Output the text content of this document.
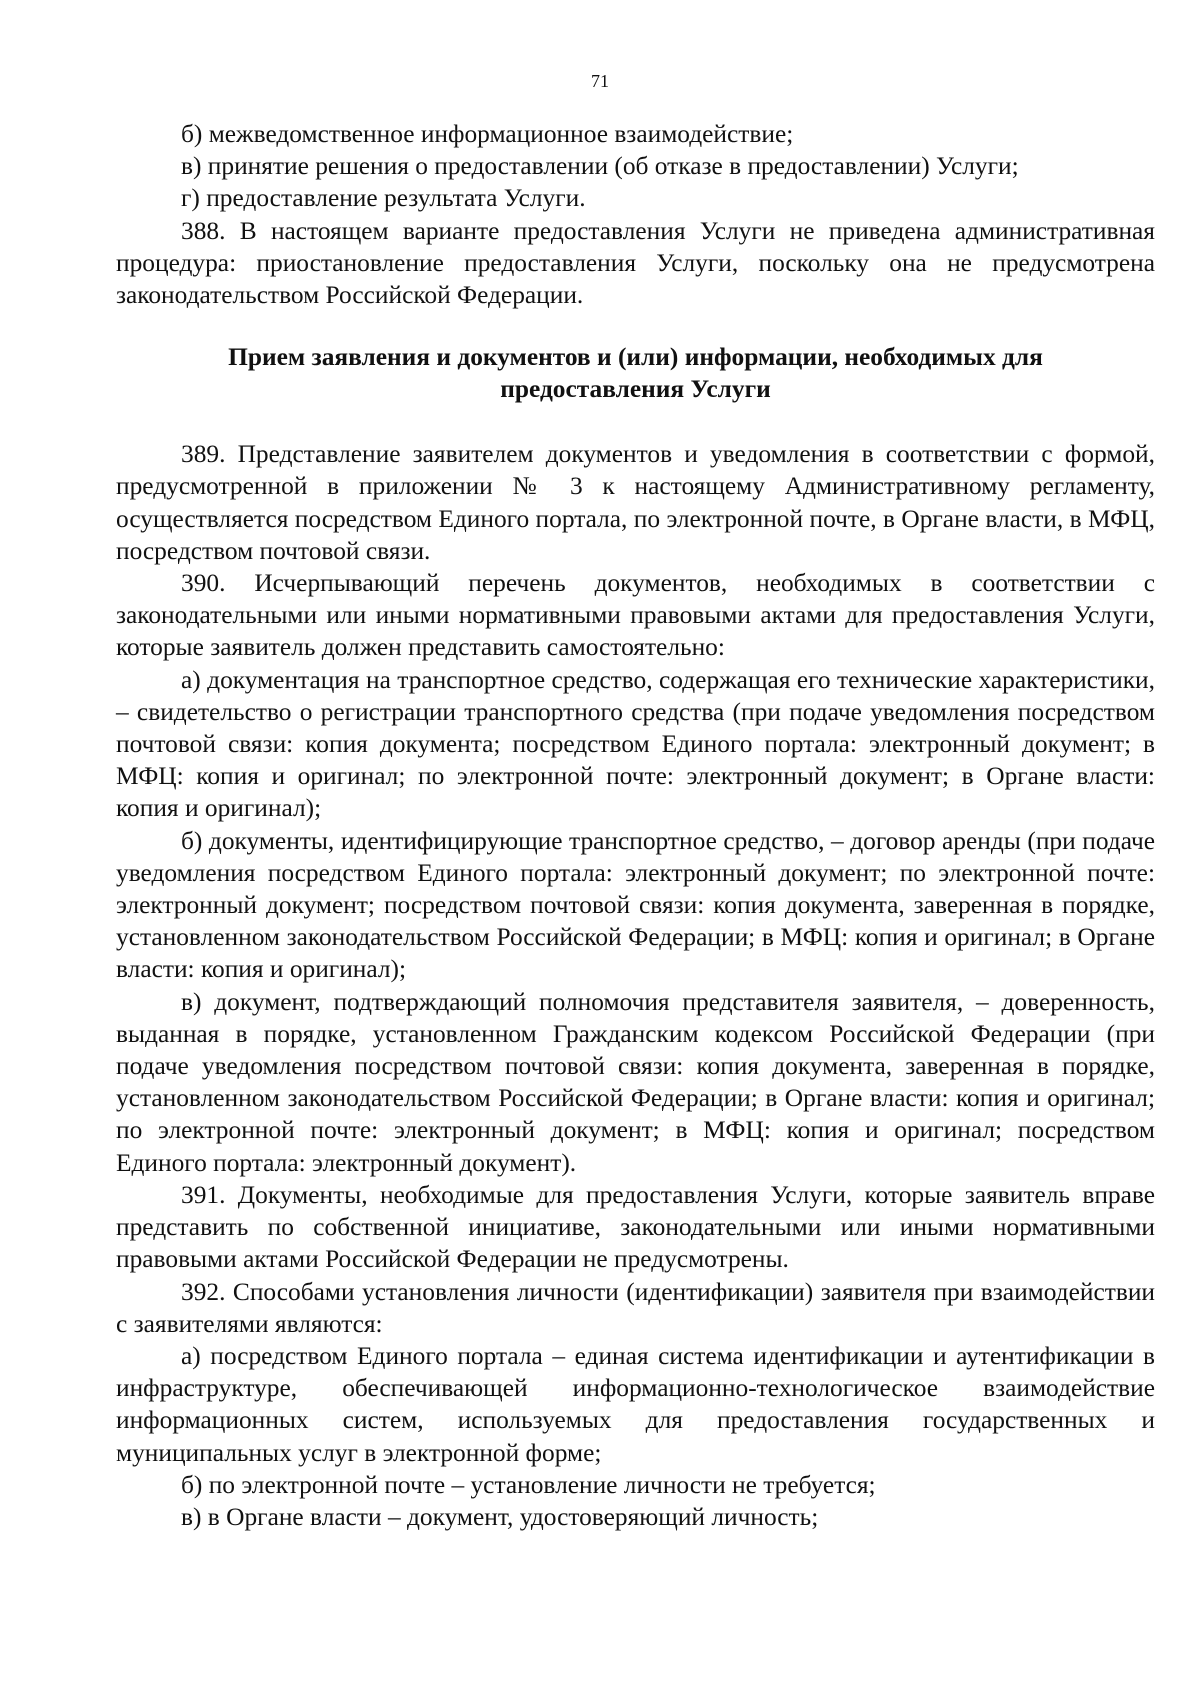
71

б) межведомственное информационное взаимодействие;

в) принятие решения о предоставлении (об отказе в предоставлении) Услуги;

г) предоставление результата Услуги.

388. В настоящем варианте предоставления Услуги не приведена административная процедура: приостановление предоставления Услуги, поскольку она не предусмотрена законодательством Российской Федерации.

Прием заявления и документов и (или) информации, необходимых для предоставления Услуги

389. Представление заявителем документов и уведомления в соответствии с формой, предусмотренной в приложении № 3 к настоящему Административному регламенту, осуществляется посредством Единого портала, по электронной почте, в Органе власти, в МФЦ, посредством почтовой связи.

390. Исчерпывающий перечень документов, необходимых в соответствии с законодательными или иными нормативными правовыми актами для предоставления Услуги, которые заявитель должен представить самостоятельно:

а) документация на транспортное средство, содержащая его технические характеристики, – свидетельство о регистрации транспортного средства (при подаче уведомления посредством почтовой связи: копия документа; посредством Единого портала: электронный документ; в МФЦ: копия и оригинал; по электронной почте: электронный документ; в Органе власти: копия и оригинал);

б) документы, идентифицирующие транспортное средство, – договор аренды (при подаче уведомления посредством Единого портала: электронный документ; по электронной почте: электронный документ; посредством почтовой связи: копия документа, заверенная в порядке, установленном законодательством Российской Федерации; в МФЦ: копия и оригинал; в Органе власти: копия и оригинал);

в) документ, подтверждающий полномочия представителя заявителя, – доверенность, выданная в порядке, установленном Гражданским кодексом Российской Федерации (при подаче уведомления посредством почтовой связи: копия документа, заверенная в порядке, установленном законодательством Российской Федерации; в Органе власти: копия и оригинал; по электронной почте: электронный документ; в МФЦ: копия и оригинал; посредством Единого портала: электронный документ).

391. Документы, необходимые для предоставления Услуги, которые заявитель вправе представить по собственной инициативе, законодательными или иными нормативными правовыми актами Российской Федерации не предусмотрены.

392. Способами установления личности (идентификации) заявителя при взаимодействии с заявителями являются:

а) посредством Единого портала – единая система идентификации и аутентификации в инфраструктуре, обеспечивающей информационно-технологическое взаимодействие информационных систем, используемых для предоставления государственных и муниципальных услуг в электронной форме;

б) по электронной почте – установление личности не требуется;

в) в Органе власти – документ, удостоверяющий личность;
